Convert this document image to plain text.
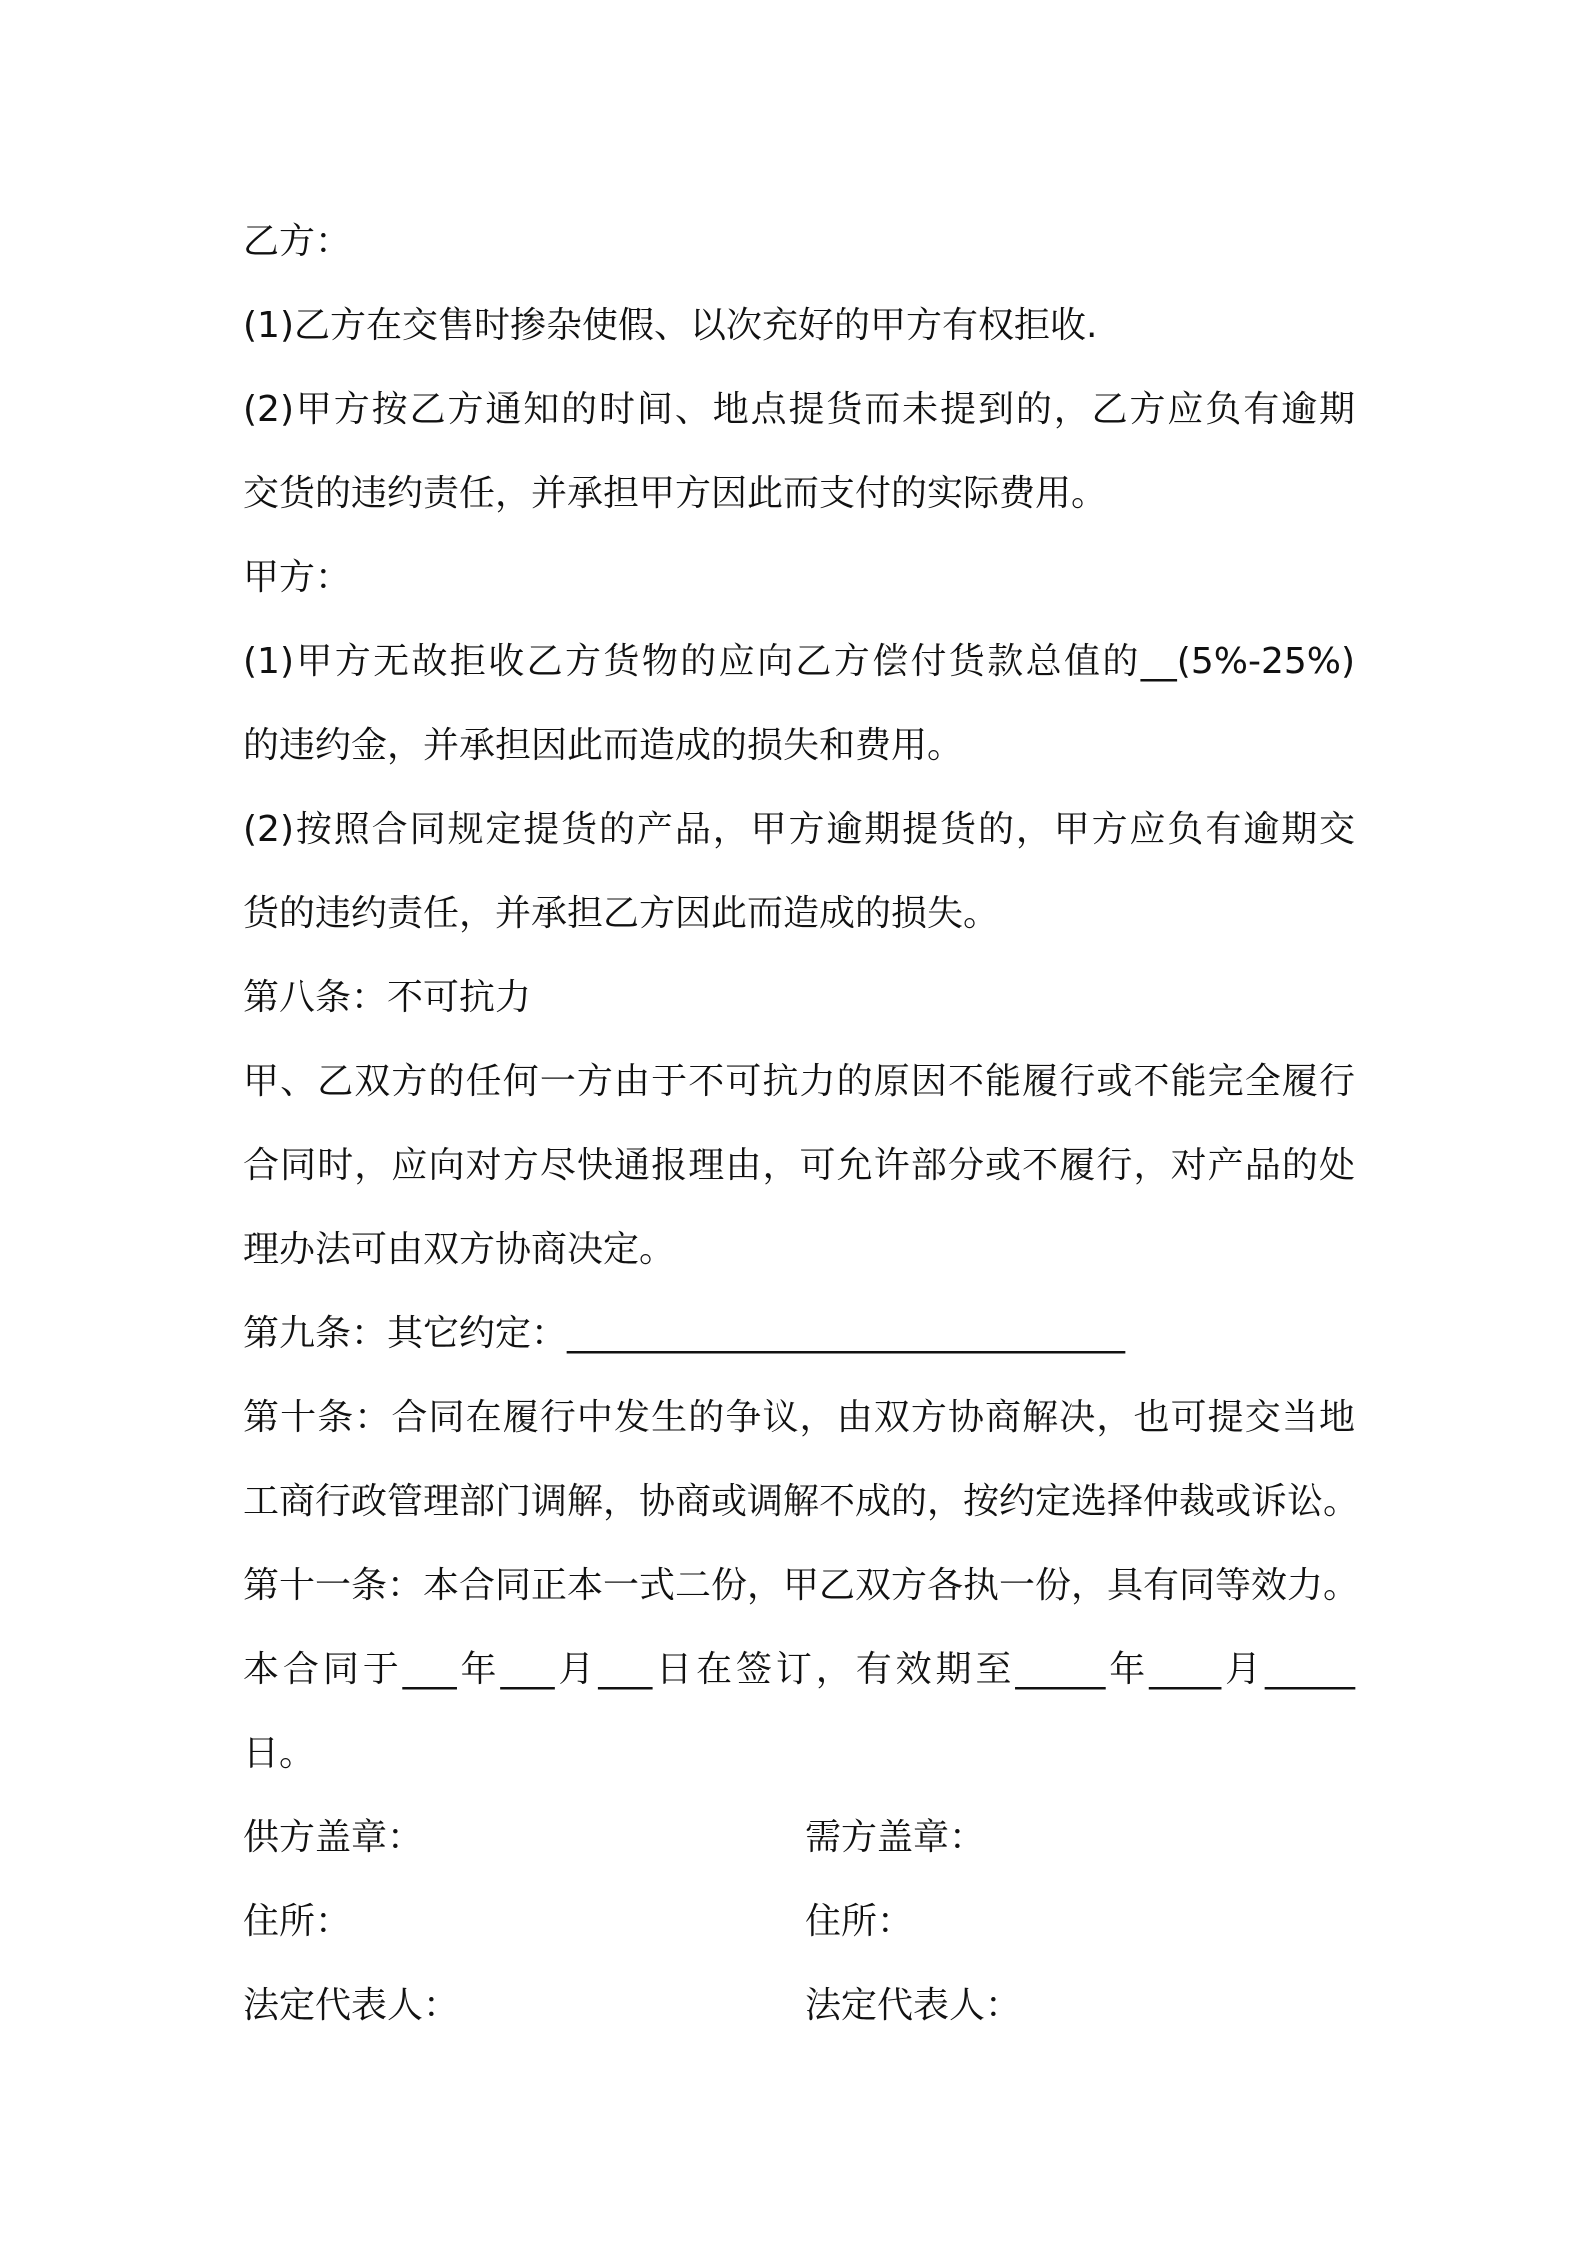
乙方：
(1)乙方在交售时掺杂使假、以次充好的甲方有权拒收.
(2)甲方按乙方通知的时间、地点提货而未提到的，乙方应负有逾期
交货的违约责任，并承担甲方因此而支付的实际费用。
甲方：
(1)甲方无故拒收乙方货物的应向乙方偿付货款总值的__(5%-25%)
的违约金，并承担因此而造成的损失和费用。
(2)按照合同规定提货的产品，甲方逾期提货的，甲方应负有逾期交
货的违约责任，并承担乙方因此而造成的损失。
第八条：不可抗力
甲、乙双方的任何一方由于不可抗力的原因不能履行或不能完全履行
合同时，应向对方尽快通报理由，可允许部分或不履行，对产品的处
理办法可由双方协商决定。
第九条：其它约定：_______________________________
第十条：合同在履行中发生的争议，由双方协商解决，也可提交当地
工商行政管理部门调解，协商或调解不成的，按约定选择仲裁或诉讼。
第十一条：本合同正本一式二份，甲乙双方各执一份，具有同等效力。
本合同于___年___月___日在签订，有效期至_____年____月_____
日。
供方盖章：	需方盖章：
住所：	住所：
法定代表人：	法定代表人：
